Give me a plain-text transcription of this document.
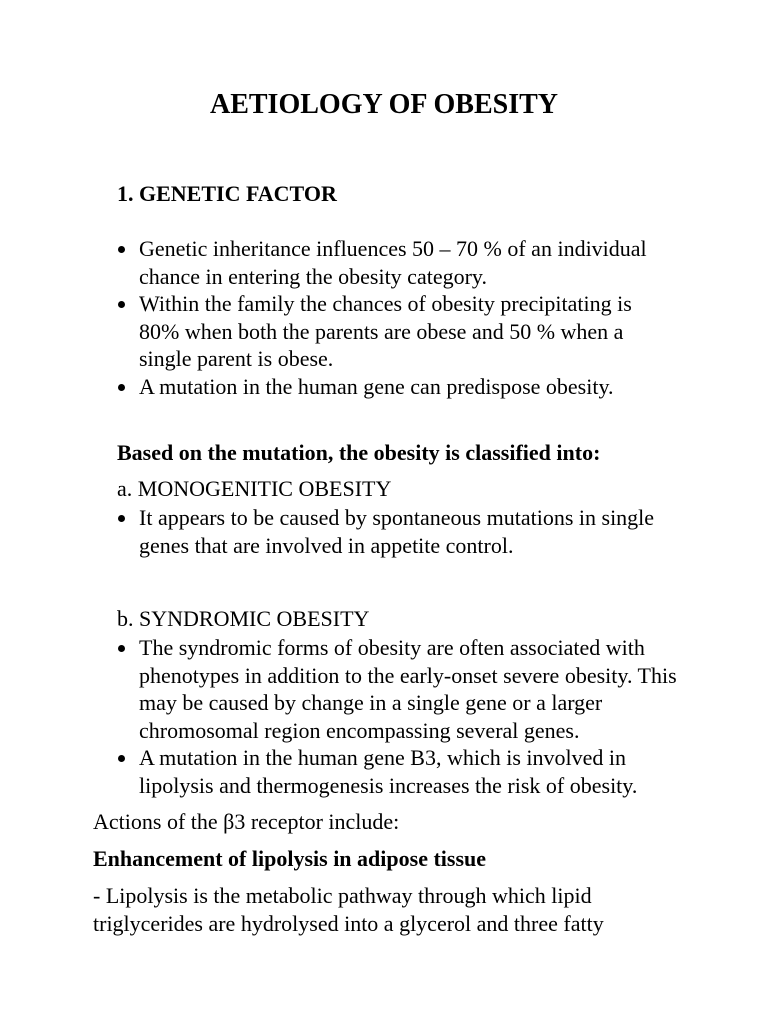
AETIOLOGY OF OBESITY
1. GENETIC FACTOR
Genetic inheritance influences 50 – 70 % of an individual chance in entering the obesity category.
Within the family the chances of obesity precipitating is 80% when both the parents are obese and 50 % when a single parent is obese.
A mutation in the human gene can predispose obesity.
Based on the mutation, the obesity is classified into:
a. MONOGENITIC OBESITY
It appears to be caused by spontaneous mutations in single genes that are involved in appetite control.
b. SYNDROMIC OBESITY
The syndromic forms of obesity are often associated with phenotypes in addition to the early-onset severe obesity. This may be caused by change in a single gene or a larger chromosomal region encompassing several genes.
A mutation in the human gene B3, which is involved in lipolysis and thermogenesis increases the risk of obesity.
Actions of the β3 receptor include:
Enhancement of lipolysis in adipose tissue
- Lipolysis is the metabolic pathway through which lipid triglycerides are hydrolysed into a glycerol and three fatty
